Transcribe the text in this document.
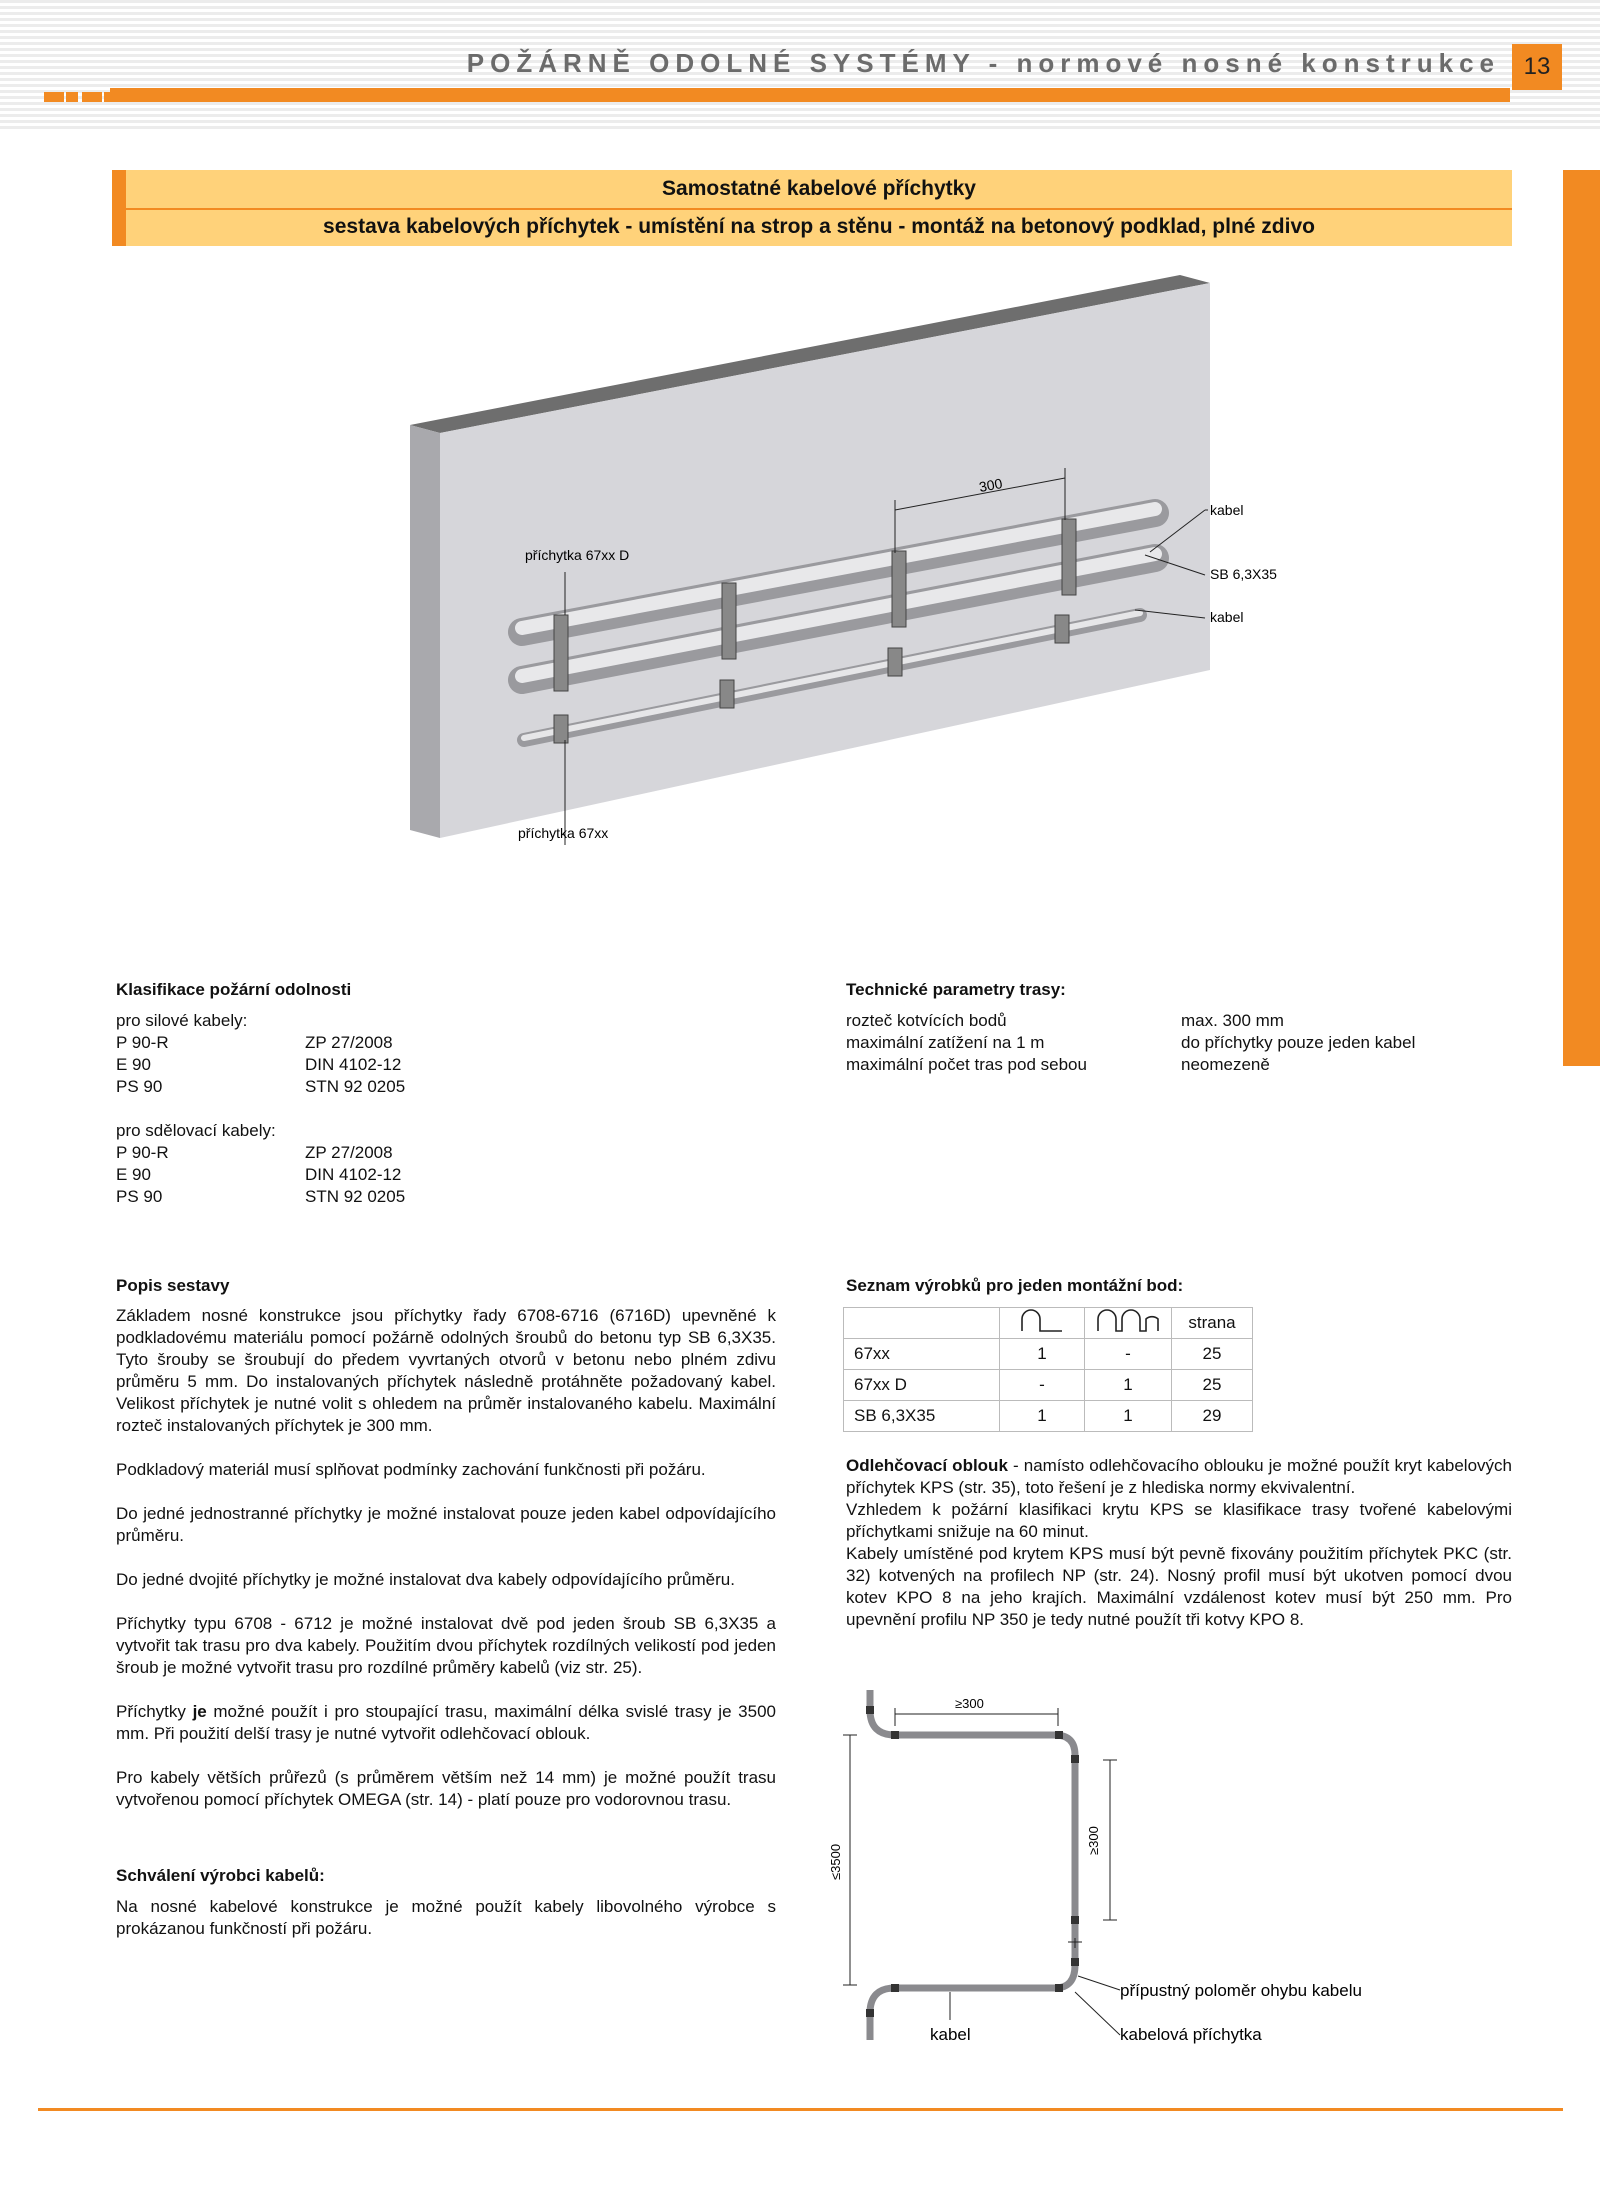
POŽÁRNĚ ODOLNÉ SYSTÉMY - normové nosné konstrukce 13
Samostatné kabelové příchytky
sestava kabelových příchytek - umístění na strop a stěnu - montáž na betonový podklad, plné zdivo
300
kabel
SB 6,3X35
kabel
příchytka 67xx D
příchytka 67xx
Klasifikace požární odolnosti
pro silové kabely:
P 90-R	ZP 27/2008
E 90	DIN 4102-12
PS 90	STN 92 0205
pro sdělovací kabely:
P 90-R	ZP 27/2008
E 90	DIN 4102-12
PS 90	STN 92 0205
Technické parametry trasy:
rozteč kotvících bodů	max. 300 mm
maximální zatížení na 1 m	do příchytky pouze jeden kabel
maximální počet tras pod sebou	neomezeně
Popis sestavy
Základem nosné konstrukce jsou příchytky řady 6708-6716 (6716D) upevněné k podkladovému materiálu pomocí požárně odolných šroubů do betonu typ SB 6,3X35. Tyto šrouby se šroubují do předem vyvrtaných otvorů v betonu nebo plném zdivu průměru 5 mm. Do instalovaných příchytek následně protáhněte požadovaný kabel. Velikost příchytek je nutné volit s ohledem na průměr instalovaného kabelu. Maximální rozteč instalovaných příchytek je 300 mm.
Podkladový materiál musí splňovat podmínky zachování funkčnosti při požáru.
Do jedné jednostranné příchytky je možné instalovat pouze jeden kabel odpovídajícího průměru.
Do jedné dvojité příchytky je možné instalovat dva kabely odpovídajícího průměru.
Příchytky typu 6708 - 6712 je možné instalovat dvě pod jeden šroub SB 6,3X35 a vytvořit tak trasu pro dva kabely. Použitím dvou příchytek rozdílných velikostí pod jeden šroub je možné vytvořit trasu pro rozdílné průměry kabelů (viz str. 25).
Příchytky je možné použít i pro stoupající trasu, maximální délka svislé trasy je 3500 mm. Při použití delší trasy je nutné vytvořit odlehčovací oblouk.
Pro kabely větších průřezů (s průměrem větším než 14 mm) je možné použít trasu vytvořenou pomocí příchytek OMEGA (str. 14) - platí pouze pro vodorovnou trasu.
Schválení výrobci kabelů:
Na nosné kabelové konstrukce je možné použít kabely libovolného výrobce s prokázanou funkčností při požáru.
Seznam výrobků pro jeden montážní bod:
			strana
67xx	1	-	25
67xx D	-	1	25
SB 6,3X35	1	1	29
Odlehčovací oblouk - namísto odlehčovacího oblouku je možné použít kryt kabelových příchytek KPS (str. 35), toto řešení je z hlediska normy ekvivalentní.
Vzhledem k požární klasifikaci krytu KPS se klasifikace trasy tvořené kabelovými příchytkami snižuje na 60 minut.
Kabely umístěné pod krytem KPS musí být pevně fixovány použitím příchytek PKC (str. 32) kotvených na profilech NP (str. 24). Nosný profil musí být ukotven pomocí dvou kotev KPO 8 na jeho krajích. Maximální vzdálenost kotev musí být 250 mm. Pro upevnění profilu NP 350 je tedy nutné použít tři kotvy KPO 8.
≥300
≥300
≤3500
přípustný poloměr ohybu kabelu
kabel	kabelová příchytka
